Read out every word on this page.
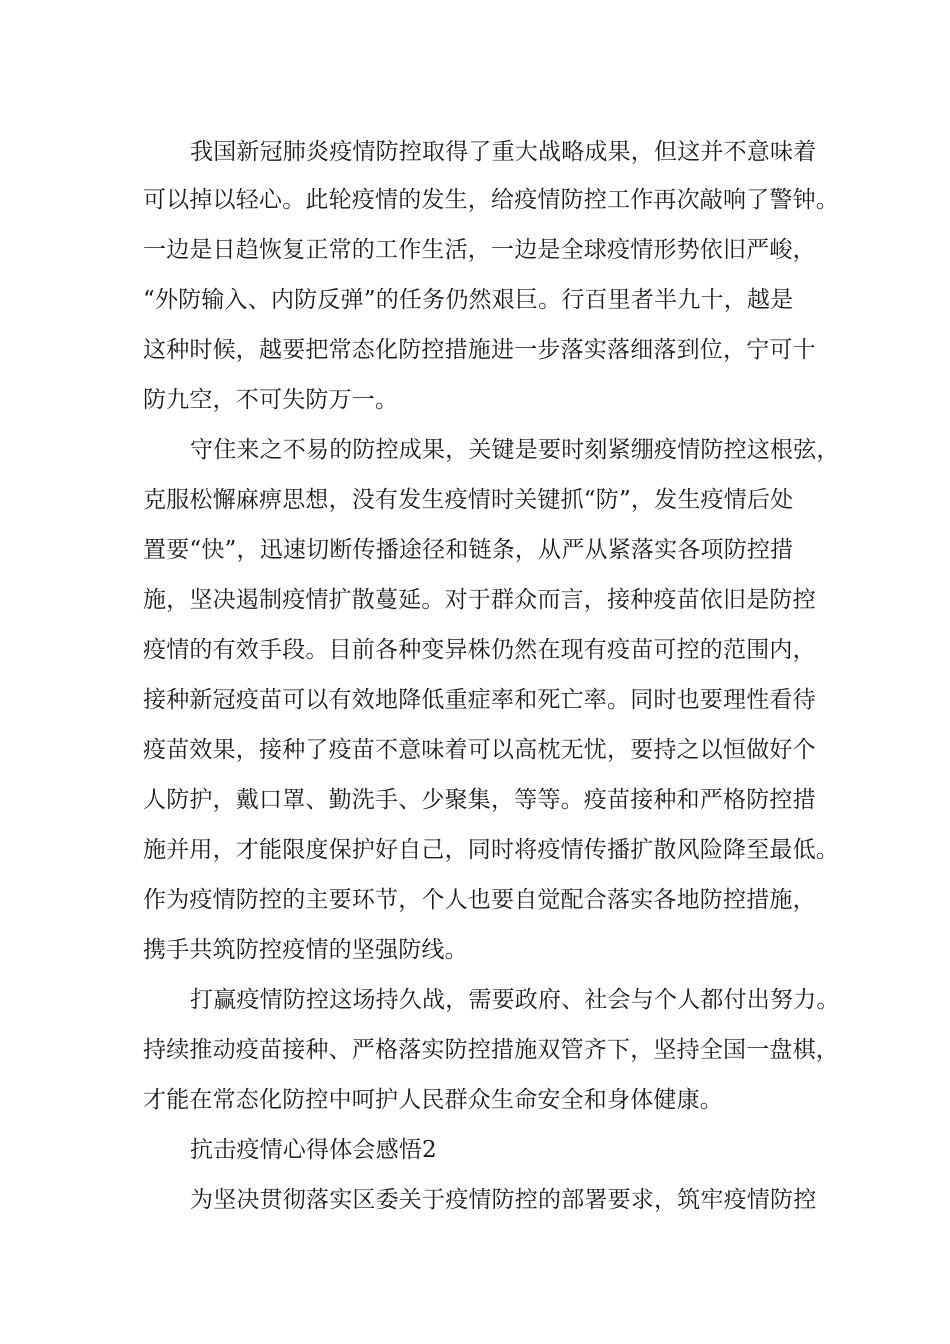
我国新冠肺炎疫情防控取得了重大战略成果，但这并不意味着
可以掉以轻心。此轮疫情的发生，给疫情防控工作再次敲响了警钟。
一边是日趋恢复正常的工作生活，一边是全球疫情形势依旧严峻，
“外防输入、内防反弹”的任务仍然艰巨。行百里者半九十，越是
这种时候，越要把常态化防控措施进一步落实落细落到位，宁可十
防九空，不可失防万一。
守住来之不易的防控成果，关键是要时刻紧绷疫情防控这根弦，
克服松懈麻痹思想，没有发生疫情时关键抓“防”，发生疫情后处
置要“快”，迅速切断传播途径和链条，从严从紧落实各项防控措
施，坚决遏制疫情扩散蔓延。对于群众而言，接种疫苗依旧是防控
疫情的有效手段。目前各种变异株仍然在现有疫苗可控的范围内，
接种新冠疫苗可以有效地降低重症率和死亡率。同时也要理性看待
疫苗效果，接种了疫苗不意味着可以高枕无忧，要持之以恒做好个
人防护，戴口罩、勤洗手、少聚集，等等。疫苗接种和严格防控措
施并用，才能限度保护好自己，同时将疫情传播扩散风险降至最低。
作为疫情防控的主要环节，个人也要自觉配合落实各地防控措施，
携手共筑防控疫情的坚强防线。
打赢疫情防控这场持久战，需要政府、社会与个人都付出努力。
持续推动疫苗接种、严格落实防控措施双管齐下，坚持全国一盘棋，
才能在常态化防控中呵护人民群众生命安全和身体健康。
抗击疫情心得体会感悟2
为坚决贯彻落实区委关于疫情防控的部署要求，筑牢疫情防控
